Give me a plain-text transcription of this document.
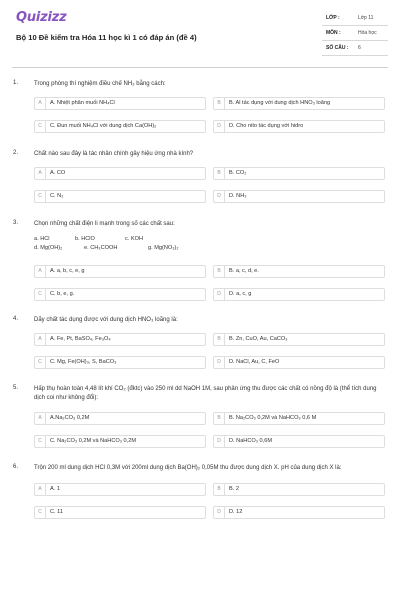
Quizizz
Bộ 10 Đề kiểm tra Hóa 11 học kì 1 có đáp án (đề 4)
LỚP :	Lớp 11
MÔN :	Hóa học
SỐ CÂU : 6
1.	Trong phòng thí nghiệm điều chế NH₃ bằng cách:
A	A. Nhiệt phân muối NH₄Cl	B	B. Al tác dụng với dung dịch HNO₃ loãng
C	C. Đun muối NH₄Cl với dung dịch Ca(OH)₂	D	D. Cho nito tác dụng với hidro
2.	Chất nào sau đây là tác nhân chính gây hiệu ứng nhà kính?
A	A. CO	B	B. CO₂
C	C. N₂	D	D. NH₃
3.	Chọn những chất điện li mạnh trong số các chất sau:
a. HCl	b. HClO	c. KOH
d. Mg(OH)₂	e. CH₃COOH	g. Mg(NO₃)₂
A	A. a, b, c, e, g	B	B. a, c, d, e.
C	C. b, e, g.	D	D. a, c, g
4.	Dãy chất tác dụng được với dung dịch HNO₃ loãng là:
A	A. Fe, Pt, BaSO₄, Fe₃O₄	B	B. Zn, CuO, Au, CaCO₃
C	C. Mg, Fe(OH)₃, S, BaCO₃	D	D. NaCl, Au, C, FeO
5.	Hấp thụ hoàn toàn 4,48 lít khí CO₂ (đktc) vào 250 ml dd NaOH 1M, sau phản ứng thu được các chất có nồng độ là (thể tích dung dịch coi như không đổi):
A	A.Na₂CO₃ 0,2M	B	B. Na₂CO₃ 0,2M và NaHCO₃ 0,6 M
C	C. Na₂CO₃ 0,2M và NaHCO₃ 0,2M	D	D. NaHCO₃ 0,6M
6.	Trộn 200 ml dung dịch HCl 0,3M với 200ml dung dịch Ba(OH)₂ 0,05M thu được dung dịch X. pH của dung dịch X là:
A	A. 1	B	B. 2
C	C. 11	D	D. 12
